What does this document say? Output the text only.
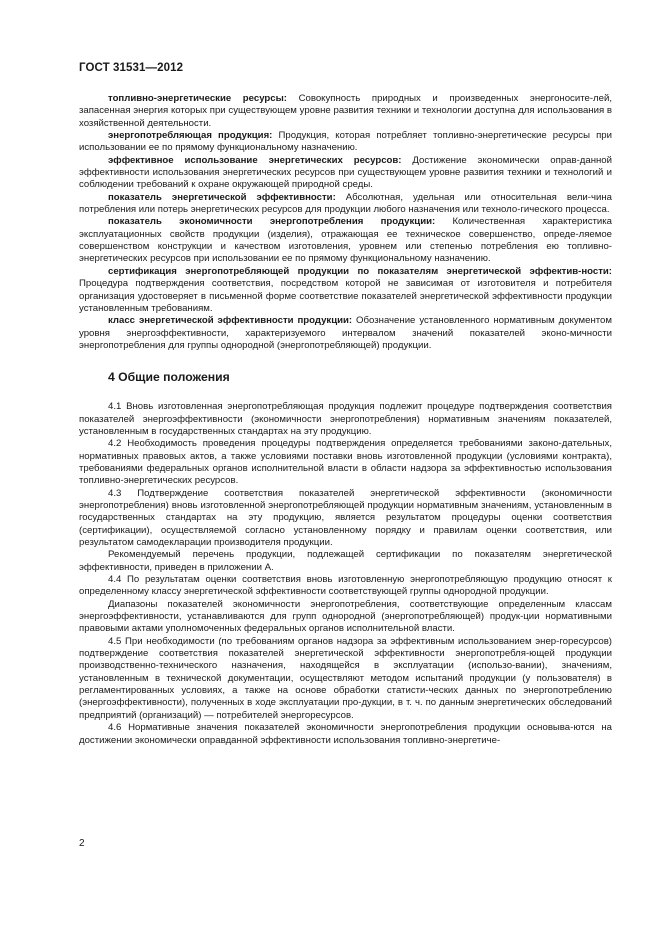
ГОСТ 31531—2012

топливно-энергетические ресурсы: Совокупность природных и произведенных энергоносите-лей, запасенная энергия которых при существующем уровне развития техники и технологии доступна для использования в хозяйственной деятельности.

энергопотребляющая продукция: Продукция, которая потребляет топливно-энергетические ресурсы при использовании ее по прямому функциональному назначению.

эффективное использование энергетических ресурсов: Достижение экономически оправ-данной эффективности использования энергетических ресурсов при существующем уровне развития техники и технологий и соблюдении требований к охране окружающей природной среды.

показатель энергетической эффективности: Абсолютная, удельная или относительная вели-чина потребления или потерь энергетических ресурсов для продукции любого назначения или техноло-гического процесса.

показатель экономичности энергопотребления продукции: Количественная характеристика эксплуатационных свойств продукции (изделия), отражающая ее техническое совершенство, опреде-ляемое совершенством конструкции и качеством изготовления, уровнем или степенью потребления ею топливно-энергетических ресурсов при использовании ее по прямому функциональному назначению.

сертификация энергопотребляющей продукции по показателям энергетической эффектив-ности: Процедура подтверждения соответствия, посредством которой не зависимая от изготовителя и потребителя организация удостоверяет в письменной форме соответствие показателей энергетической эффективности продукции установленным требованиям.

класс энергетической эффективности продукции: Обозначение установленного нормативным документом уровня энергоэффективности, характеризуемого интервалом значений показателей эконо-мичности энергопотребления для группы однородной (энергопотребляющей) продукции.

4 Общие положения

4.1 Вновь изготовленная энергопотребляющая продукция подлежит процедуре подтверждения соответствия показателей энергоэффективности (экономичности энергопотребления) нормативным значениям показателей, установленным в государственных стандартах на эту продукцию.

4.2 Необходимость проведения процедуры подтверждения определяется требованиями законо-дательных, нормативных правовых актов, а также условиями поставки вновь изготовленной продукции (условиями контракта), требованиями федеральных органов исполнительной власти в области надзора за эффективностью использования топливно-энергетических ресурсов.

4.3 Подтверждение соответствия показателей энергетической эффективности (экономичности энергопотребления) вновь изготовленной энергопотребляющей продукции нормативным значениям, установленным в государственных стандартах на эту продукцию, является результатом процедуры оценки соответствия (сертификации), осуществляемой согласно установленному порядку и правилам оценки соответствия, или результатом самодекларации производителя продукции.

Рекомендуемый перечень продукции, подлежащей сертификации по показателям энергетической эффективности, приведен в приложении А.

4.4 По результатам оценки соответствия вновь изготовленную энергопотребляющую продукцию относят к определенному классу энергетической эффективности соответствующей группы однородной продукции.

Диапазоны показателей экономичности энергопотребления, соответствующие определенным классам энергоэффективности, устанавливаются для групп однородной (энергопотребляющей) продук-ции нормативными правовыми актами уполномоченных федеральных органов исполнительной власти.

4.5 При необходимости (по требованиям органов надзора за эффективным использованием энер-горесурсов) подтверждение соответствия показателей энергетической эффективности энергопотребля-ющей продукции производственно-технического назначения, находящейся в эксплуатации (использо-вании), значениям, установленным в технической документации, осуществляют методом испытаний продукции (у пользователя) в регламентированных условиях, а также на основе обработки статисти-ческих данных по энергопотреблению (энергоэффективности), полученных в ходе эксплуатации про-дукции, в т. ч. по данным энергетических обследований предприятий (организаций) — потребителей энергоресурсов.

4.6 Нормативные значения показателей экономичности энергопотребления продукции основыва-ются на достижении экономически оправданной эффективности использования топливно-энергетиче-

2
